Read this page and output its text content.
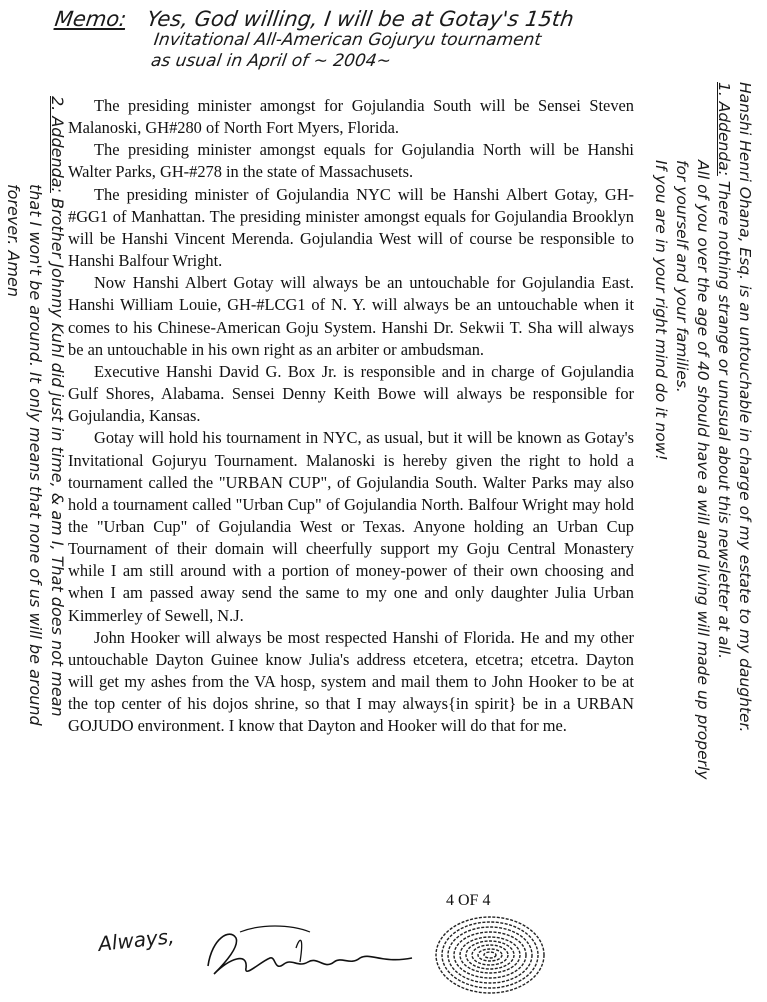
Memo: Yes, God willing, I will be at Gotay's 15th
Invitational All-American Gojuryu tournament
as usual in April of ~ 2004~

The presiding minister amongst for Gojulandia South will be Sensei Steven Malanoski, GH#280 of North Fort Myers, Florida.

The presiding minister amongst equals for Gojulandia North will be Hanshi Walter Parks, GH-#278 in the state of Massachusets.

The presiding minister of Gojulandia NYC will be Hanshi Albert Gotay, GH-#GG1 of Manhattan. The presiding minister amongst equals for Gojulandia Brooklyn will be Hanshi Vincent Merenda. Gojulandia West will of course be responsible to Hanshi Balfour Wright.

Now Hanshi Albert Gotay will always be an untouchable for Gojulandia East. Hanshi William Louie, GH-#LCG1 of N. Y. will always be an untouchable when it comes to his Chinese-American Goju System. Hanshi Dr. Sekwii T. Sha will always be an untouchable in his own right as an arbiter or ambudsman.

Executive Hanshi David G. Box Jr. is responsible and in charge of Gojulandia Gulf Shores, Alabama. Sensei Denny Keith Bowe will always be responsible for Gojulandia, Kansas.

Gotay will hold his tournament in NYC, as usual, but it will be known as Gotay's Invitational Gojuryu Tournament. Malanoski is hereby given the right to hold a tournament called the "URBAN CUP", of Gojulandia South. Walter Parks may also hold a tournament called "Urban Cup" of Gojulandia North. Balfour Wright may hold the "Urban Cup" of Gojulandia West or Texas. Anyone holding an Urban Cup Tournament of their domain will cheerfully support my Goju Central Monastery while I am still around with a portion of money-power of their own choosing and when I am passed away send the same to my one and only daughter Julia Urban Kimmerley of Sewell, N.J.

John Hooker will always be most respected Hanshi of Florida. He and my other untouchable Dayton Guinee know Julia's address etcetera, etcetra; etcetra. Dayton will get my ashes from the VA hosp, system and mail them to John Hooker to be at the top center of his dojos shrine, so that I may always{in spirit} be in a URBAN GOJUDO environment. I know that Dayton and Hooker will do that for me.

4 OF 4
2. Addenda: Brother Johnny Kuhl did just in time, & am I, That does not mean
that I won't be around. It only means that none of us will be around
forever. Amen	Hanshi Henri Ohana, Esq. is an untouchable in charge of my estate to my daughter.
1. Addenda: There nothing strange or unusual about this newsletter at all.
All of you over the age of 40 should have a will and living will made up properly
for yourself and your families.
If you are in your right mind do it now!
Always,
